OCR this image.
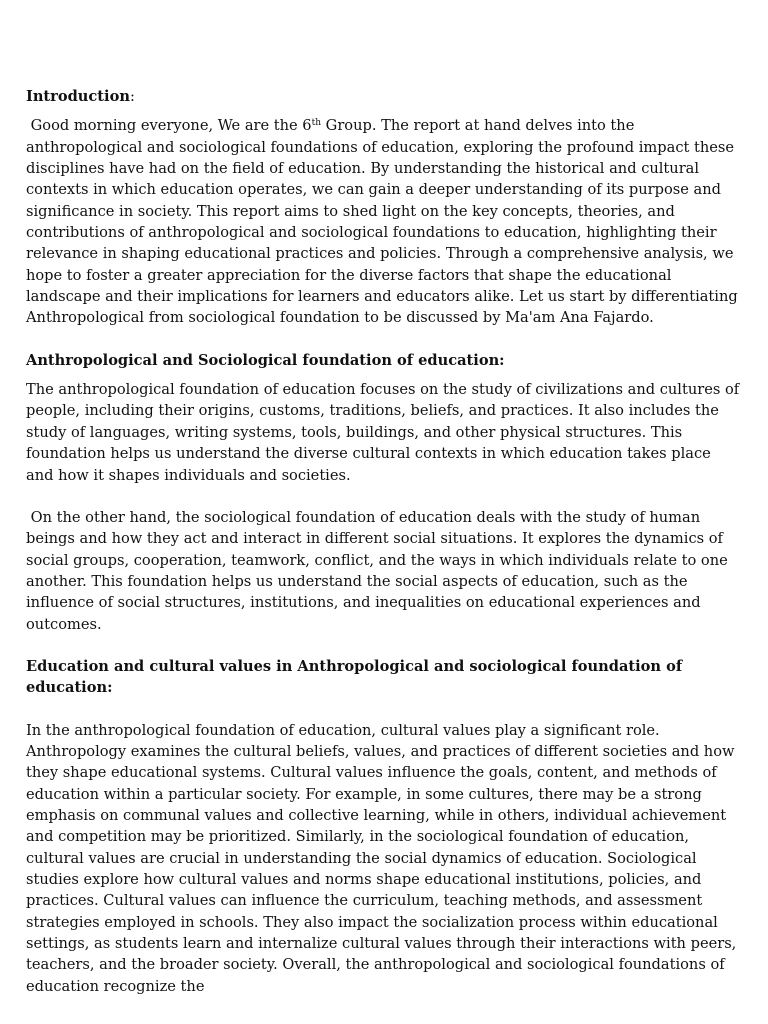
Introduction:

Good morning everyone, We are the 6th Group. The report at hand delves into the anthropological and sociological foundations of education, exploring the profound impact these disciplines have had on the field of education. By understanding the historical and cultural contexts in which education operates, we can gain a deeper understanding of its purpose and significance in society. This report aims to shed light on the key concepts, theories, and contributions of anthropological and sociological foundations to education, highlighting their relevance in shaping educational practices and policies. Through a comprehensive analysis, we hope to foster a greater appreciation for the diverse factors that shape the educational landscape and their implications for learners and educators alike. Let us start by differentiating Anthropological from sociological foundation to be discussed by Ma'am Ana Fajardo.

Anthropological and Sociological foundation of education:

The anthropological foundation of education focuses on the study of civilizations and cultures of people, including their origins, customs, traditions, beliefs, and practices. It also includes the study of languages, writing systems, tools, buildings, and other physical structures. This foundation helps us understand the diverse cultural contexts in which education takes place and how it shapes individuals and societies.

On the other hand, the sociological foundation of education deals with the study of human beings and how they act and interact in different social situations. It explores the dynamics of social groups, cooperation, teamwork, conflict, and the ways in which individuals relate to one another. This foundation helps us understand the social aspects of education, such as the influence of social structures, institutions, and inequalities on educational experiences and outcomes.

Education and cultural values in Anthropological and sociological foundation of education:

In the anthropological foundation of education, cultural values play a significant role. Anthropology examines the cultural beliefs, values, and practices of different societies and how they shape educational systems. Cultural values influence the goals, content, and methods of education within a particular society. For example, in some cultures, there may be a strong emphasis on communal values and collective learning, while in others, individual achievement and competition may be prioritized. Similarly, in the sociological foundation of education, cultural values are crucial in understanding the social dynamics of education. Sociological studies explore how cultural values and norms shape educational institutions, policies, and practices. Cultural values can influence the curriculum, teaching methods, and assessment strategies employed in schools. They also impact the socialization process within educational settings, as students learn and internalize cultural values through their interactions with peers, teachers, and the broader society. Overall, the anthropological and sociological foundations of education recognize the
